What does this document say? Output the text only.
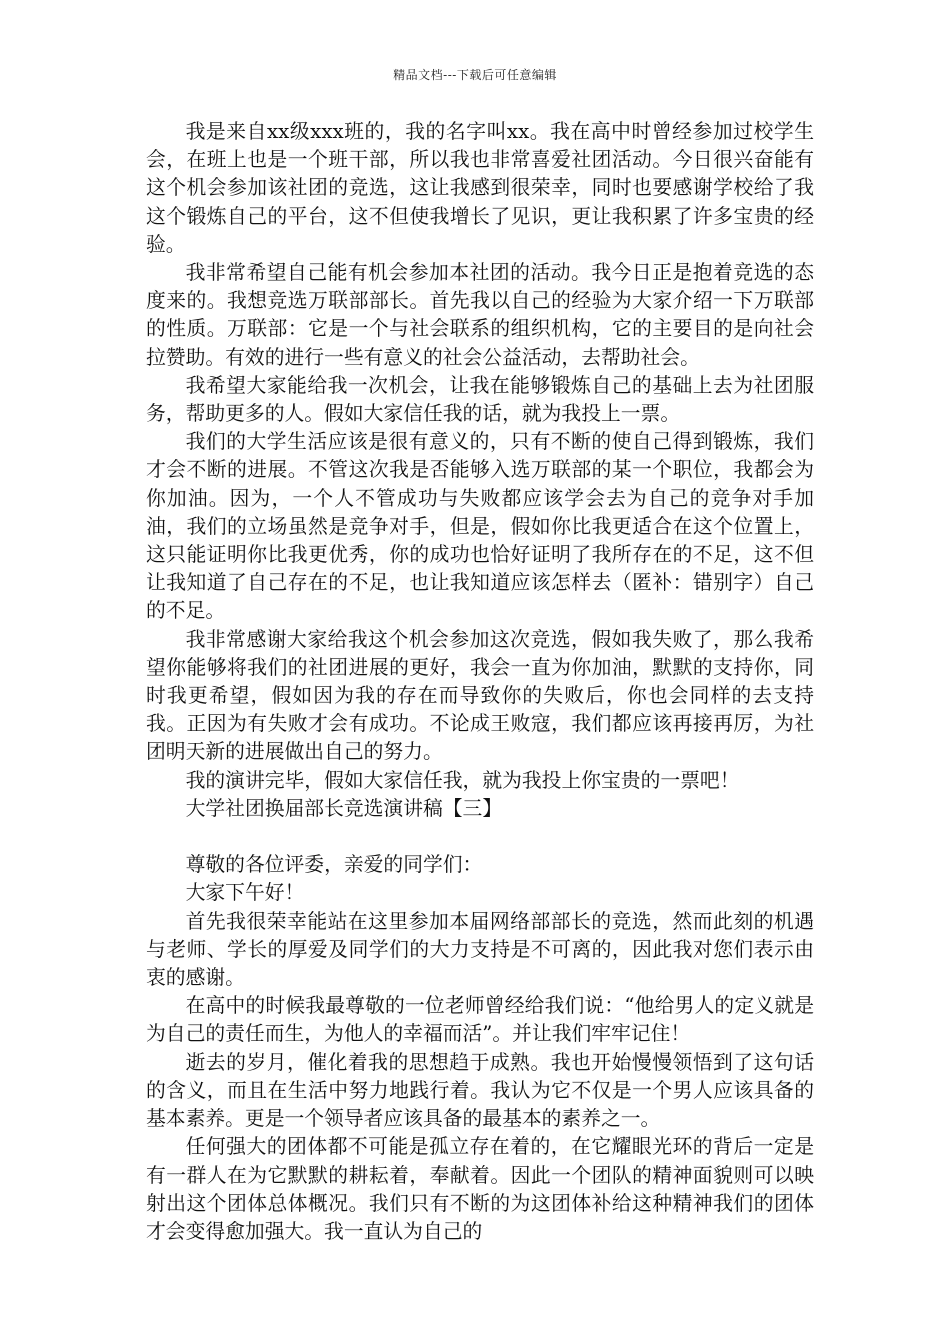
精品文档---下载后可任意编辑

我是来自xx级xxx班的，我的名字叫xx。我在高中时曾经参加过校学生会，在班上也是一个班干部，所以我也非常喜爱社团活动。今日很兴奋能有这个机会参加该社团的竞选，这让我感到很荣幸，同时也要感谢学校给了我这个锻炼自己的平台，这不但使我增长了见识，更让我积累了许多宝贵的经验。

我非常希望自己能有机会参加本社团的活动。我今日正是抱着竞选的态度来的。我想竞选万联部部长。首先我以自己的经验为大家介绍一下万联部的性质。万联部：它是一个与社会联系的组织机构，它的主要目的是向社会拉赞助。有效的进行一些有意义的社会公益活动，去帮助社会。

我希望大家能给我一次机会，让我在能够锻炼自己的基础上去为社团服务，帮助更多的人。假如大家信任我的话，就为我投上一票。

我们的大学生活应该是很有意义的，只有不断的使自己得到锻炼，我们才会不断的进展。不管这次我是否能够入选万联部的某一个职位，我都会为你加油。因为，一个人不管成功与失败都应该学会去为自己的竞争对手加油，我们的立场虽然是竞争对手，但是，假如你比我更适合在这个位置上，这只能证明你比我更优秀，你的成功也恰好证明了我所存在的不足，这不但让我知道了自己存在的不足，也让我知道应该怎样去（匿补：错别字）自己的不足。

我非常感谢大家给我这个机会参加这次竞选，假如我失败了，那么我希望你能够将我们的社团进展的更好，我会一直为你加油，默默的支持你，同时我更希望，假如因为我的存在而导致你的失败后，你也会同样的去支持我。正因为有失败才会有成功。不论成王败寇，我们都应该再接再厉，为社团明天新的进展做出自己的努力。

我的演讲完毕，假如大家信任我，就为我投上你宝贵的一票吧！

大学社团换届部长竞选演讲稿【三】

尊敬的各位评委，亲爱的同学们：

大家下午好！

首先我很荣幸能站在这里参加本届网络部部长的竞选，然而此刻的机遇与老师、学长的厚爱及同学们的大力支持是不可离的，因此我对您们表示由衷的感谢。

在高中的时候我最尊敬的一位老师曾经给我们说：“他给男人的定义就是为自己的责任而生，为他人的幸福而活”。并让我们牢牢记住！

逝去的岁月，催化着我的思想趋于成熟。我也开始慢慢领悟到了这句话的含义，而且在生活中努力地践行着。我认为它不仅是一个男人应该具备的基本素养。更是一个领导者应该具备的最基本的素养之一。

任何强大的团体都不可能是孤立存在着的，在它耀眼光环的背后一定是有一群人在为它默默的耕耘着，奉献着。因此一个团队的精神面貌则可以映射出这个团体总体概况。我们只有不断的为这团体补给这种精神我们的团体才会变得愈加强大。我一直认为自己的
